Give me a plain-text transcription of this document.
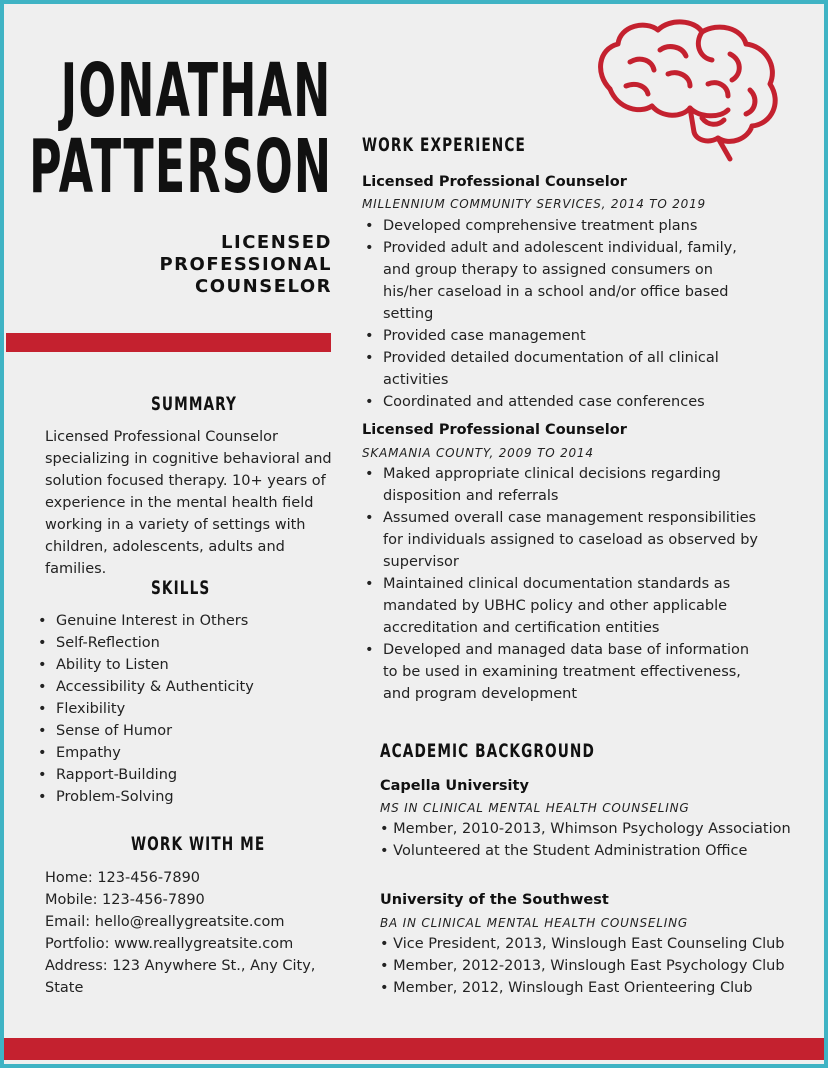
JONATHAN
PATTERSON
LICENSED
PROFESSIONAL
COUNSELOR
SUMMARY
Licensed Professional Counselor specializing in cognitive behavioral and solution focused therapy. 10+ years of experience in the mental health field working in a variety of settings with children, adolescents, adults and families.
SKILLS
• Genuine Interest in Others
• Self-Reflection
• Ability to Listen
• Accessibility & Authenticity
• Flexibility
• Sense of Humor
• Empathy
• Rapport-Building
• Problem-Solving
WORK WITH ME
Home: 123-456-7890
Mobile: 123-456-7890
Email: hello@reallygreatsite.com
Portfolio: www.reallygreatsite.com
Address: 123 Anywhere St., Any City,
State
WORK EXPERIENCE
Licensed Professional Counselor
MILLENNIUM COMMUNITY SERVICES, 2014 TO 2019
• Developed comprehensive treatment plans
• Provided adult and adolescent individual, family, and group therapy to assigned consumers on his/her caseload in a school and/or office based setting
• Provided case management
• Provided detailed documentation of all clinical activities
• Coordinated and attended case conferences
Licensed Professional Counselor
SKAMANIA COUNTY, 2009 TO 2014
• Maked appropriate clinical decisions regarding disposition and referrals
• Assumed overall case management responsibilities for individuals assigned to caseload as observed by supervisor
• Maintained clinical documentation standards as mandated by UBHC policy and other applicable accreditation and certification entities
• Developed and managed data base of information to be used in examining treatment effectiveness, and program development
ACADEMIC BACKGROUND
Capella University
MS IN CLINICAL MENTAL HEALTH COUNSELING
• Member, 2010-2013, Whimson Psychology Association
• Volunteered at the Student Administration Office
University of the Southwest
BA IN CLINICAL MENTAL HEALTH COUNSELING
• Vice President, 2013, Winslough East Counseling Club
• Member, 2012-2013, Winslough East Psychology Club
• Member, 2012, Winslough East Orienteering Club
